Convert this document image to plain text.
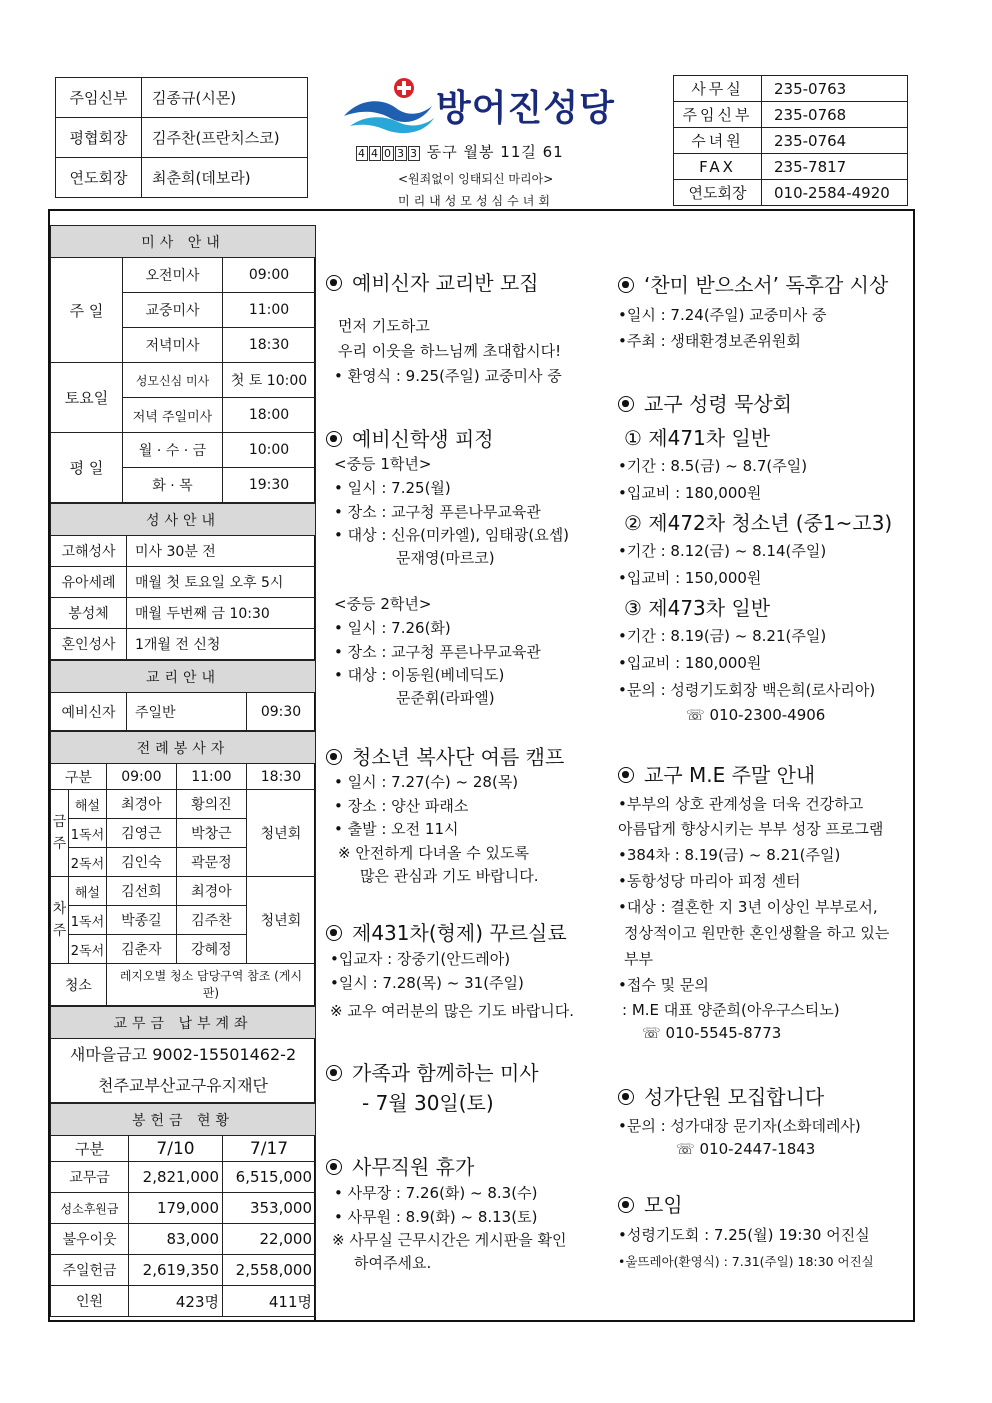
주임신부	김종규(시몬)
평협회장	김주찬(프란치스코)
연도회장	최춘희(데보라)
방어진성당
4 4 0 3 3 동구 월봉 11길 61
<원죄없이 잉태되신 마리아>
미리내성모성심수녀회
사무실	235-0763
주임신부	235-0768
수녀원	235-0764
FAX	235-7817
연도회장	010-2584-4920
미사 안내		
주 일	오전미사	09:00
	교중미사	11:00
	저녁미사	18:30
토요일	성모신심 미사	첫 토 10:00
	저녁 주일미사	18:00
평 일	월 · 수 · 금	10:00
	화 · 목	19:30
성사안내	
고해성사	미사 30분 전
유아세례	매월 첫 토요일 오후 5시
봉성체	매월 두번째 금 10:30
혼인성사	1개월 전 신청
교리안내
예비신자	주일반	09:30
전례봉사자				
구분		09:00	11:00	18:30
금주	해설	최경아	황의진	청년회
	1독서	김영근	박창근	
	2독서	김인숙	곽문정	
차주	해설	김선희	최경아	청년회
	1독서	박종길	김주찬	
	2독서	김춘자	강혜정	
청소		레지오별 청소 담당구역 참조 (게시판)		
교무금 납부계좌

새마을금고 9002-15501462-2
천주교부산교구유지재단
봉헌금 현황		
구분	7/10	7/17
교무금	2,821,000	6,515,000
성소후원금	179,000	353,000
불우이웃	83,000	22,000
주일헌금	2,619,350	2,558,000
인원	423명	411명
예비신자 교리반 모집
먼저 기도하고
우리 이웃을 하느님께 초대합시다!
• 환영식 : 9.25(주일) 교중미사 중
예비신학생 피정
<중등 1학년>
• 일시 : 7.25(월)
• 장소 : 교구청 푸른나무교육관
• 대상 : 신유(미카엘), 임태광(요셉)
문재영(마르코)
<중등 2학년>
• 일시 : 7.26(화)
• 장소 : 교구청 푸른나무교육관
• 대상 : 이동원(베네딕도)
문준휘(라파엘)
청소년 복사단 여름 캠프
• 일시 : 7.27(수) ~ 28(목)
• 장소 : 양산 파래소
• 출발 : 오전 11시
※ 안전하게 다녀올 수 있도록
많은 관심과 기도 바랍니다.
제431차(형제) 꾸르실료
•입교자 : 장중기(안드레아)
•일시 : 7.28(목) ~ 31(주일)
※ 교우 여러분의 많은 기도 바랍니다.
가족과 함께하는 미사
- 7월 30일(토)
사무직원 휴가
• 사무장 : 7.26(화) ~ 8.3(수)
• 사무원 : 8.9(화) ~ 8.13(토)
※ 사무실 근무시간은 게시판을 확인
하여주세요.
‘찬미 받으소서’ 독후감 시상
•일시 : 7.24(주일) 교중미사 중
•주최 : 생태환경보존위원회
교구 성령 묵상회
① 제471차 일반
•기간 : 8.5(금) ~ 8.7(주일)
•입교비 : 180,000원
② 제472차 청소년 (중1~고3)
•기간 : 8.12(금) ~ 8.14(주일)
•입교비 : 150,000원
③ 제473차 일반
•기간 : 8.19(금) ~ 8.21(주일)
•입교비 : 180,000원
•문의 : 성령기도회장 백은희(로사리아)
☏ 010-2300-4906
교구 M.E 주말 안내
•부부의 상호 관계성을 더욱 건강하고
아름답게 향상시키는 부부 성장 프로그램
•384차 : 8.19(금) ~ 8.21(주일)
•동항성당 마리아 피정 센터
•대상 : 결혼한 지 3년 이상인 부부로서,
정상적이고 원만한 혼인생활을 하고 있는
부부
•접수 및 문의
: M.E 대표 양준희(아우구스티노)
☏ 010-5545-8773
성가단원 모집합니다
•문의 : 성가대장 문기자(소화데레사)
☏ 010-2447-1843
모임
•성령기도회 : 7.25(월) 19:30 어진실
•울뜨레아(환영식) : 7.31(주일) 18:30 어진실
